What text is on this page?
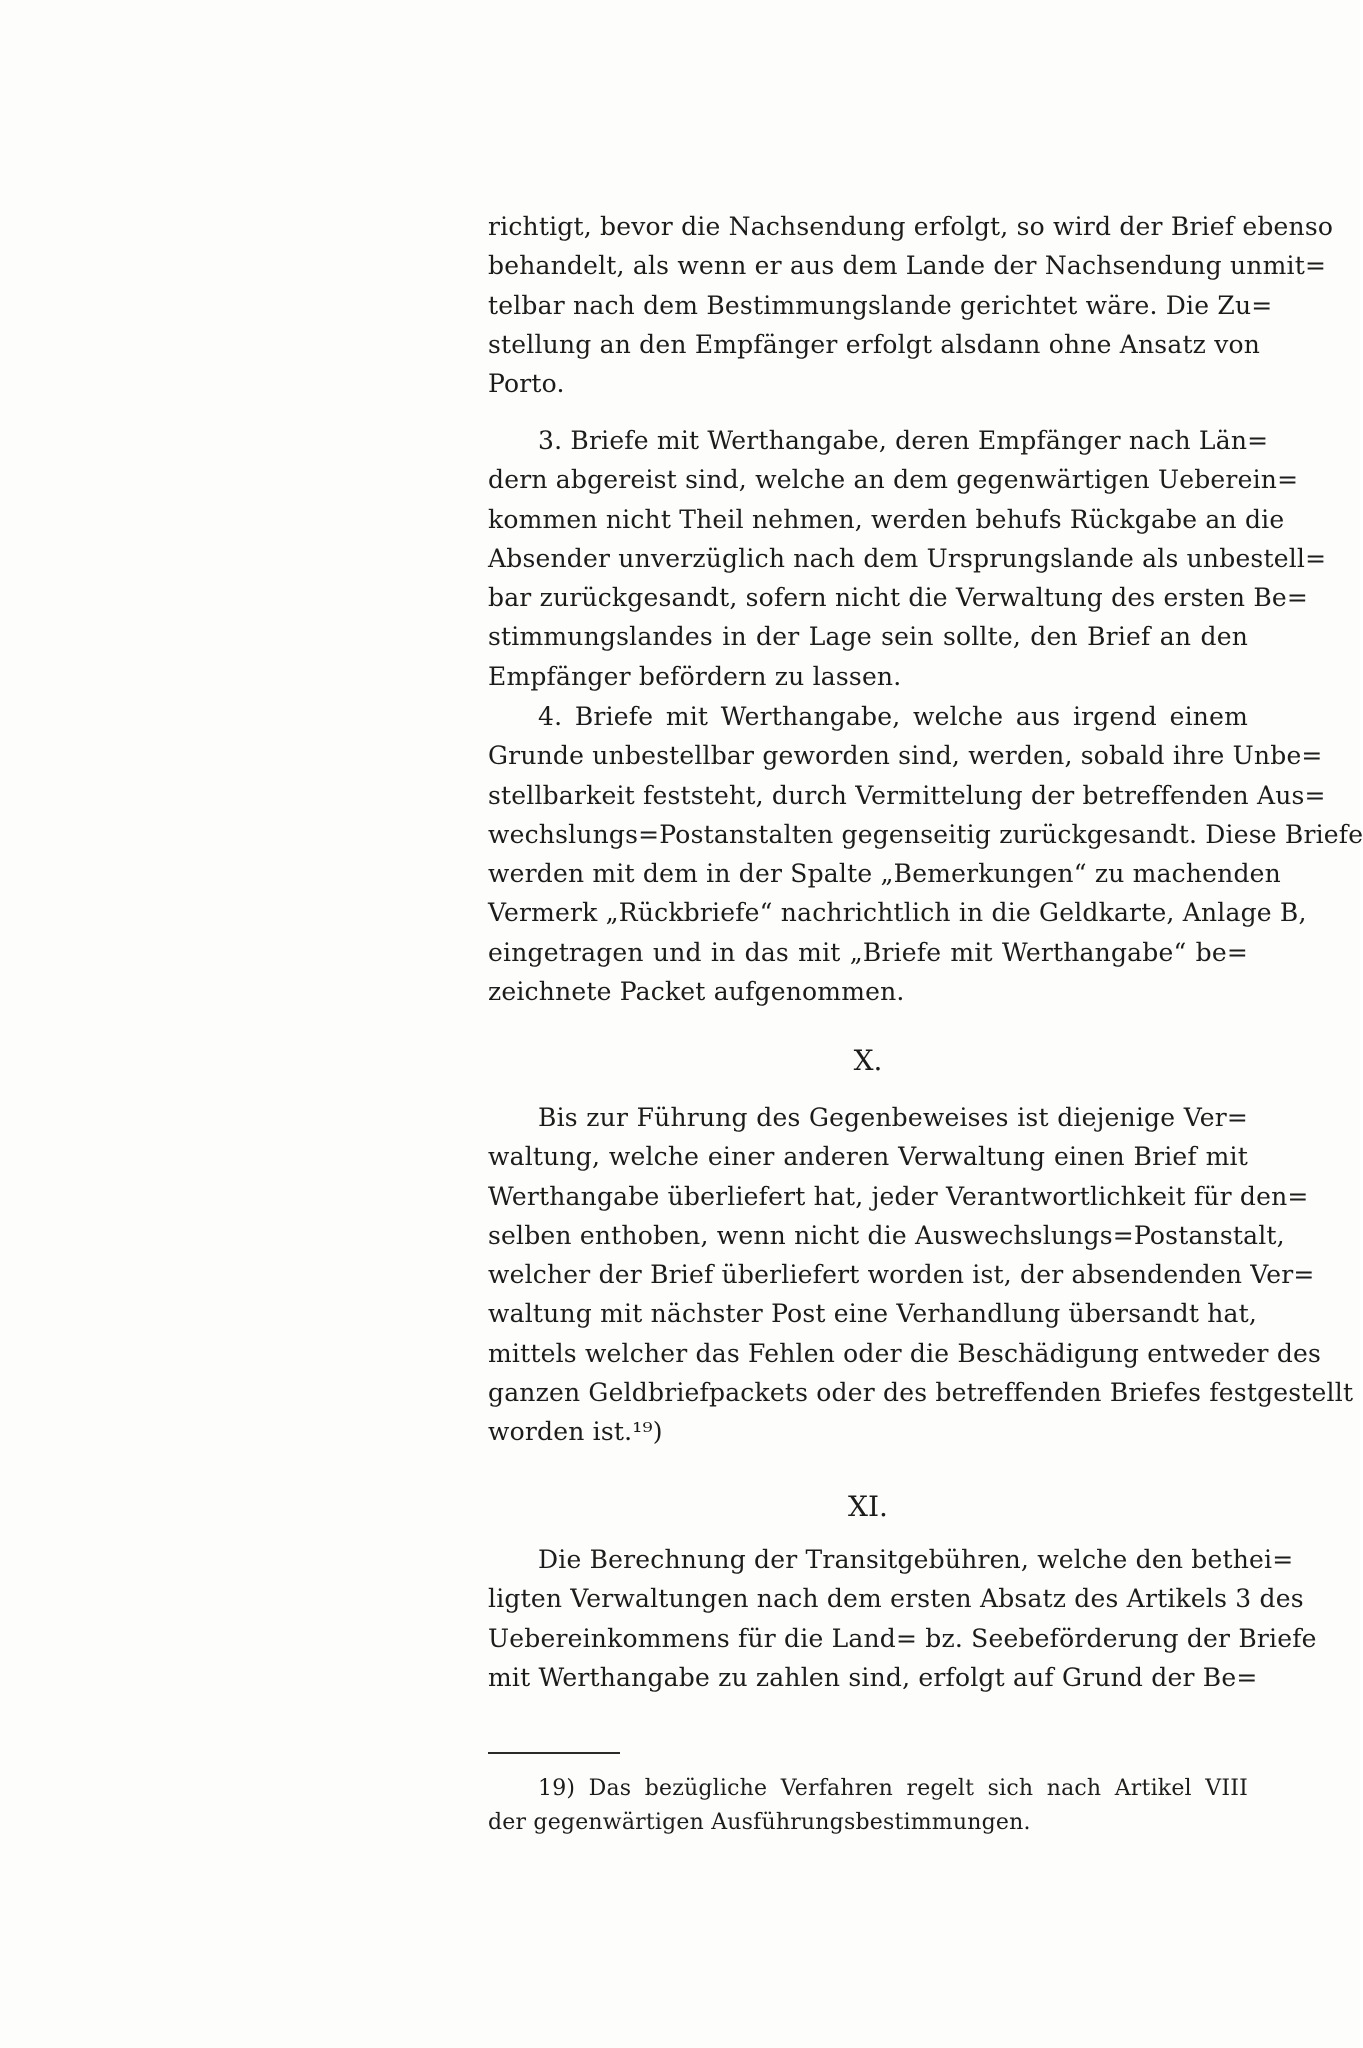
richtigt, bevor die Nachsendung erfolgt, so wird der Brief ebenso
behandelt, als wenn er aus dem Lande der Nachsendung unmit=
telbar nach dem Bestimmungslande gerichtet wäre. Die Zu=
stellung an den Empfänger erfolgt alsdann ohne Ansatz von
Porto.
3. Briefe mit Werthangabe, deren Empfänger nach Län=
dern abgereist sind, welche an dem gegenwärtigen Ueberein=
kommen nicht Theil nehmen, werden behufs Rückgabe an die
Absender unverzüglich nach dem Ursprungslande als unbestell=
bar zurückgesandt, sofern nicht die Verwaltung des ersten Be=
stimmungslandes in der Lage sein sollte, den Brief an den
Empfänger befördern zu lassen.
4. Briefe mit Werthangabe, welche aus irgend einem
Grunde unbestellbar geworden sind, werden, sobald ihre Unbe=
stellbarkeit feststeht, durch Vermittelung der betreffenden Aus=
wechslungs=Postanstalten gegenseitig zurückgesandt. Diese Briefe
werden mit dem in der Spalte „Bemerkungen“ zu machenden
Vermerk „Rückbriefe“ nachrichtlich in die Geldkarte, Anlage B,
eingetragen und in das mit „Briefe mit Werthangabe“ be=
zeichnete Packet aufgenommen.
X.
Bis zur Führung des Gegenbeweises ist diejenige Ver=
waltung, welche einer anderen Verwaltung einen Brief mit
Werthangabe überliefert hat, jeder Verantwortlichkeit für den=
selben enthoben, wenn nicht die Auswechslungs=Postanstalt,
welcher der Brief überliefert worden ist, der absendenden Ver=
waltung mit nächster Post eine Verhandlung übersandt hat,
mittels welcher das Fehlen oder die Beschädigung entweder des
ganzen Geldbriefpackets oder des betreffenden Briefes festgestellt
worden ist.¹⁹)
XI.
Die Berechnung der Transitgebühren, welche den bethei=
ligten Verwaltungen nach dem ersten Absatz des Artikels 3 des
Uebereinkommens für die Land= bz. Seebeförderung der Briefe
mit Werthangabe zu zahlen sind, erfolgt auf Grund der Be=
19) Das bezügliche Verfahren regelt sich nach Artikel VIII
der gegenwärtigen Ausführungsbestimmungen.
